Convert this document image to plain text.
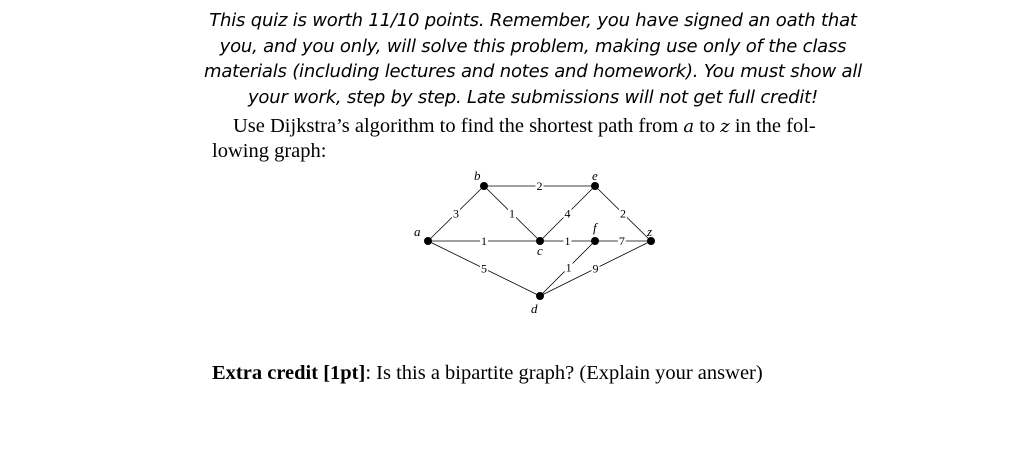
This quiz is worth 11/10 points. Remember, you have signed an oath that
you, and you only, will solve this problem, making use only of the class
materials (including lectures and notes and homework). You must show all
your work, step by step. Late submissions will not get full credit!
Use Dijkstra’s algorithm to find the shortest path from a to z in the fol-
lowing graph:
3
1
5
2
1	4
1
2
7
1 9
a
b
c
d
e
f	z
Extra credit [1pt]: Is this a bipartite graph? (Explain your answer)
